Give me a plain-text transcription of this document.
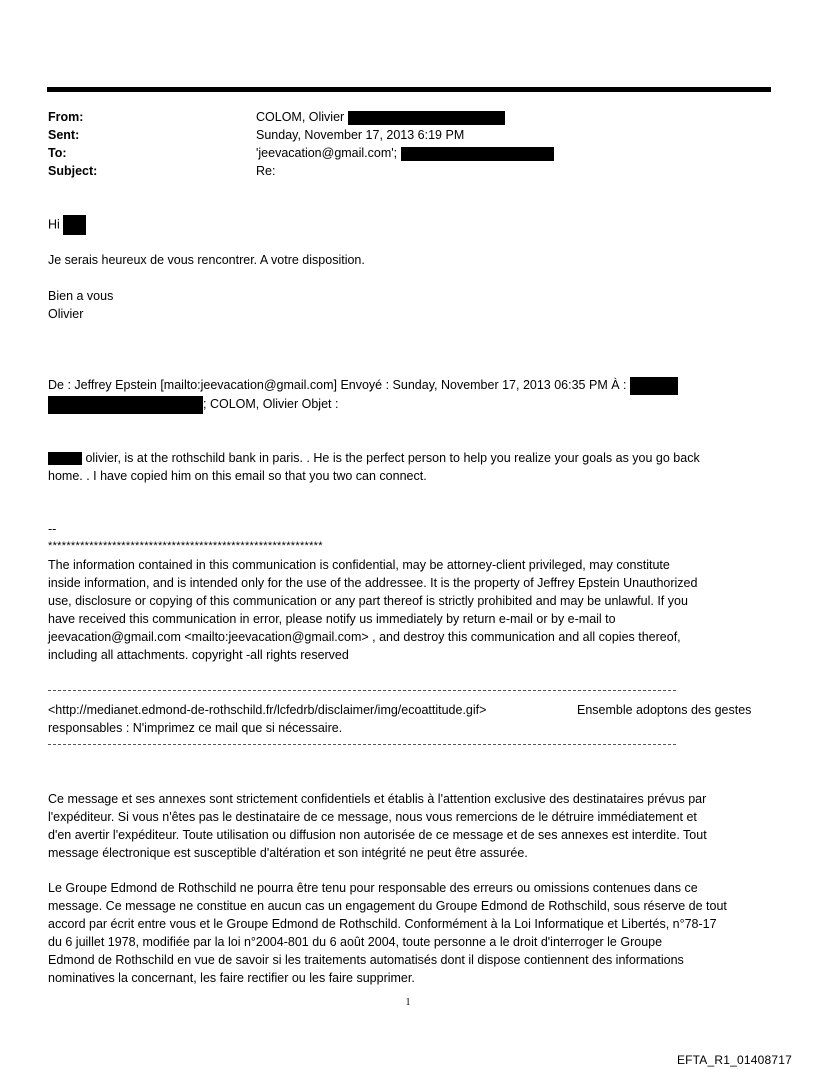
From:	COLOM, Olivier
Sent:	Sunday, November 17, 2013 6:19 PM
To:	'jeevacation@gmail.com';
Subject:	Re:
Hi
Je serais heureux de vous rencontrer. A votre disposition.
Bien a vous
Olivier
De : Jeffrey Epstein [mailto:jeevacation@gmail.com] Envoyé : Sunday, November 17, 2013 06:35 PM À :
; COLOM, Olivier Objet :
olivier, is at the rothschild bank in paris. . He is the perfect person to help you realize your goals as you go back
home. . I have copied him on this email so that you two can connect.
--
************************************************************

The information contained in this communication is confidential, may be attorney-client privileged, may constitute

inside information, and is intended only for the use of the addressee. It is the property of Jeffrey Epstein Unauthorized

use, disclosure or copying of this communication or any part thereof is strictly prohibited and may be unlawful. If you

have received this communication in error, please notify us immediately by return e-mail or by e-mail to

jeevacation@gmail.com <mailto:jeevacation@gmail.com> , and destroy this communication and all copies thereof,

including all attachments. copyright -all rights reserved

<http://medianet.edmond-de-rothschild.fr/lcfedrb/disclaimer/img/ecoattitude.gif>	Ensemble adoptons des gestes
responsables : N'imprimez ce mail que si nécessaire.

Ce message et ses annexes sont strictement confidentiels et établis à l'attention exclusive des destinataires prévus par

l'expéditeur. Si vous n'êtes pas le destinataire de ce message, nous vous remercions de le détruire immédiatement et

d'en avertir l'expéditeur. Toute utilisation ou diffusion non autorisée de ce message et de ses annexes est interdite. Tout

message électronique est susceptible d'altération et son intégrité ne peut être assurée.

Le Groupe Edmond de Rothschild ne pourra être tenu pour responsable des erreurs ou omissions contenues dans ce

message. Ce message ne constitue en aucun cas un engagement du Groupe Edmond de Rothschild, sous réserve de tout

accord par écrit entre vous et le Groupe Edmond de Rothschild. Conformément à la Loi Informatique et Libertés, n°78-17

du 6 juillet 1978, modifiée par la loi n°2004-801 du 6 août 2004, toute personne a le droit d'interroger le Groupe

Edmond de Rothschild en vue de savoir si les traitements automatisés dont il dispose contiennent des informations

nominatives la concernant, les faire rectifier ou les faire supprimer.

1
EFTA_R1_01408717
